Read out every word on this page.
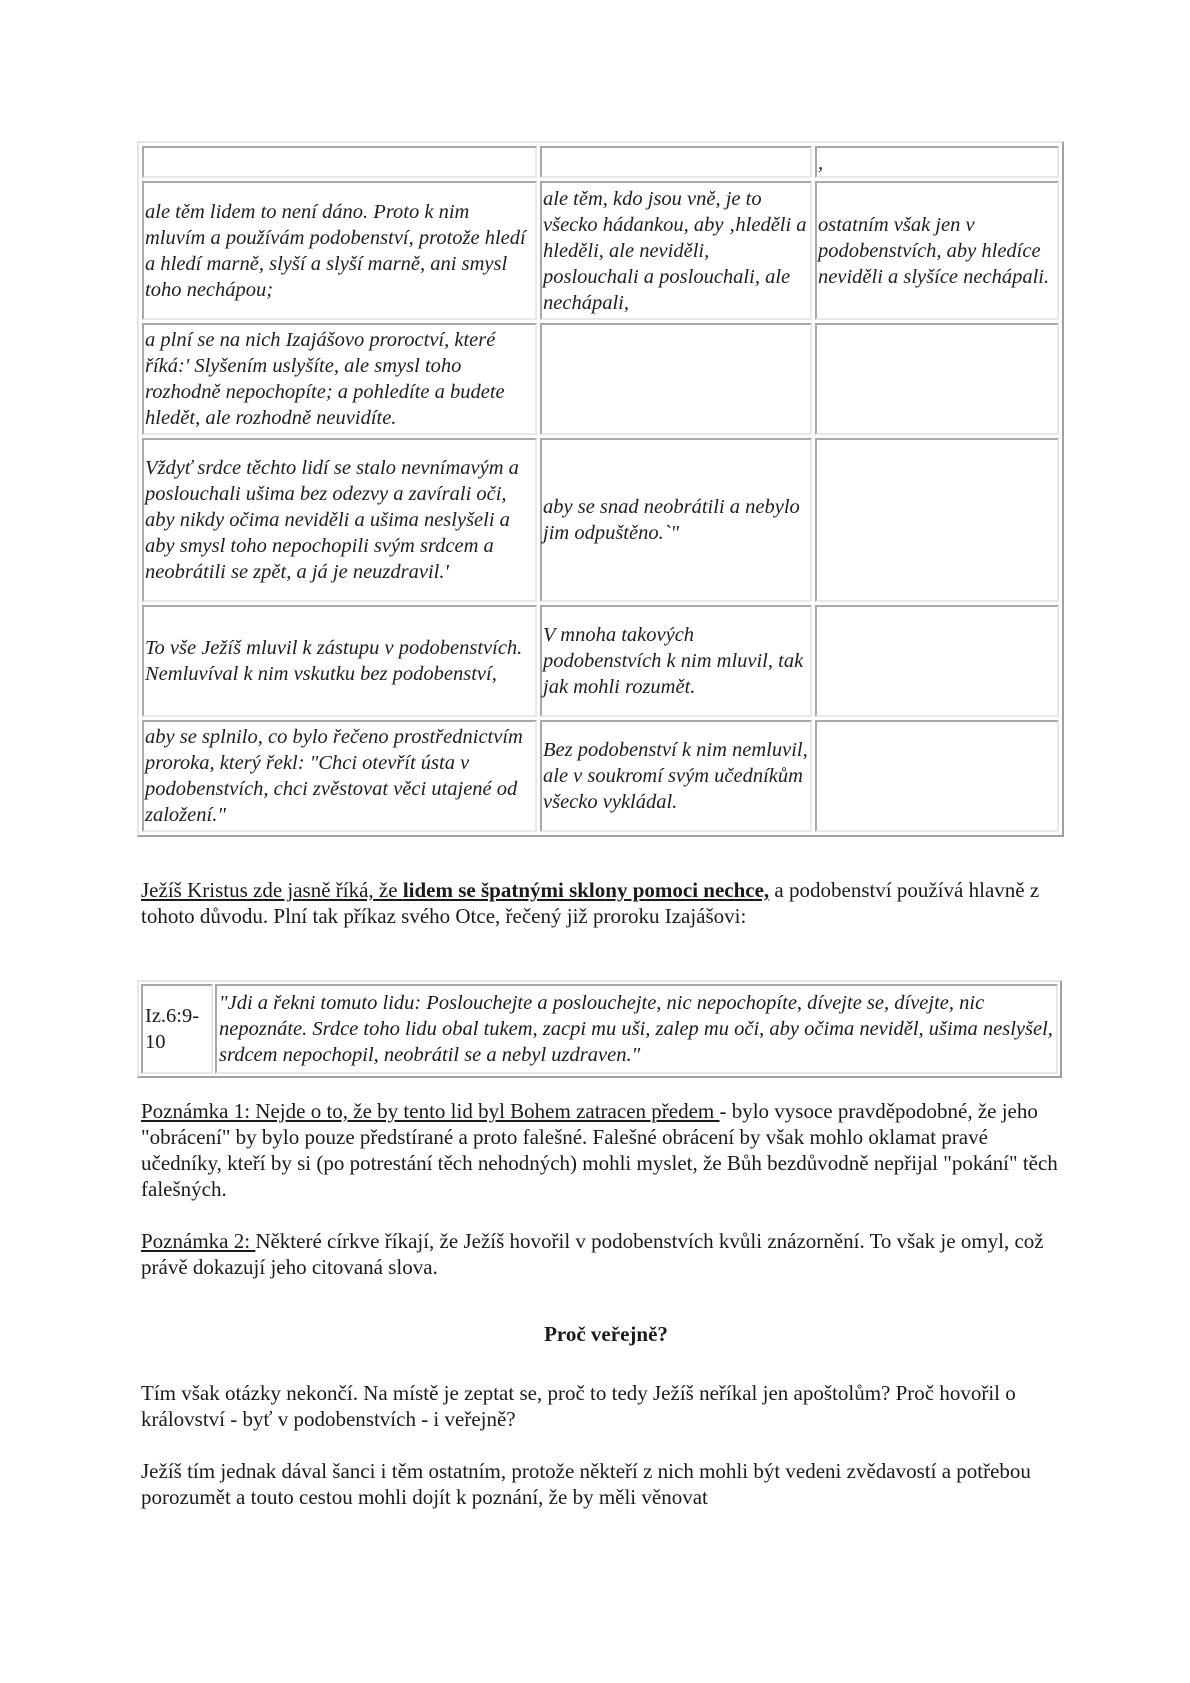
		,
ale těm lidem to není dáno. Proto k nim mluvím a používám podobenství, protože hledí a hledí marně, slyší a slyší marně, ani smysl toho nechápou;	ale těm, kdo jsou vně, je to všecko hádankou, aby ‚hleděli a hleděli, ale neviděli, poslouchali a poslouchali, ale nechápali,	ostatním však jen v podobenstvích, aby hledíce neviděli a slyšíce nechápali.
a plní se na nich Izajášovo proroctví, které říká:' Slyšením uslyšíte, ale smysl toho rozhodně nepochopíte; a pohledíte a budete hledět, ale rozhodně neuvidíte.		
Vždyť srdce těchto lidí se stalo nevnímavým a poslouchali ušima bez odezvy a zavírali oči, aby nikdy očima neviděli a ušima neslyšeli a aby smysl toho nepochopili svým srdcem a neobrátili se zpět, a já je neuzdravil.'	aby se snad neobrátili a nebylo jim odpuštěno.`"	
To vše Ježíš mluvil k zástupu v podobenstvích. Nemluvíval k nim vskutku bez podobenství,	V mnoha takových podobenstvích k nim mluvil, tak jak mohli rozumět.	
aby se splnilo, co bylo řečeno prostřednictvím proroka, který řekl: "Chci otevřít ústa v podobenstvích, chci zvěstovat věci utajené od založení."	Bez podobenství k nim nemluvil, ale v soukromí svým učedníkům všecko vykládal.	

Ježíš Kristus zde jasně říká, že lidem se špatnými sklony pomoci nechce, a podobenství používá hlavně z tohoto důvodu. Plní tak příkaz svého Otce, řečený již proroku Izajášovi:

Iz.6:9-10	"Jdi a řekni tomuto lidu: Poslouchejte a poslouchejte, nic nepochopíte, dívejte se, dívejte, nic nepoznáte. Srdce toho lidu obal tukem, zacpi mu uši, zalep mu oči, aby očima neviděl, ušima neslyšel, srdcem nepochopil, neobrátil se a nebyl uzdraven."

Poznámka 1: Nejde o to, že by tento lid byl Bohem zatracen předem - bylo vysoce pravděpodobné, že jeho "obrácení" by bylo pouze předstírané a proto falešné. Falešné obrácení by však mohlo oklamat pravé učedníky, kteří by si (po potrestání těch nehodných) mohli myslet, že Bůh bezdůvodně nepřijal "pokání" těch falešných.

Poznámka 2: Některé církve říkají, že Ježíš hovořil v podobenstvích kvůli znázornění. To však je omyl, což právě dokazují jeho citovaná slova.

Proč veřejně?

Tím však otázky nekončí. Na místě je zeptat se, proč to tedy Ježíš neříkal jen apoštolům? Proč hovořil o království - byť v podobenstvích - i veřejně?

Ježíš tím jednak dával šanci i těm ostatním, protože někteří z nich mohli být vedeni zvědavostí a potřebou porozumět a touto cestou mohli dojít k poznání, že by měli věnovat
